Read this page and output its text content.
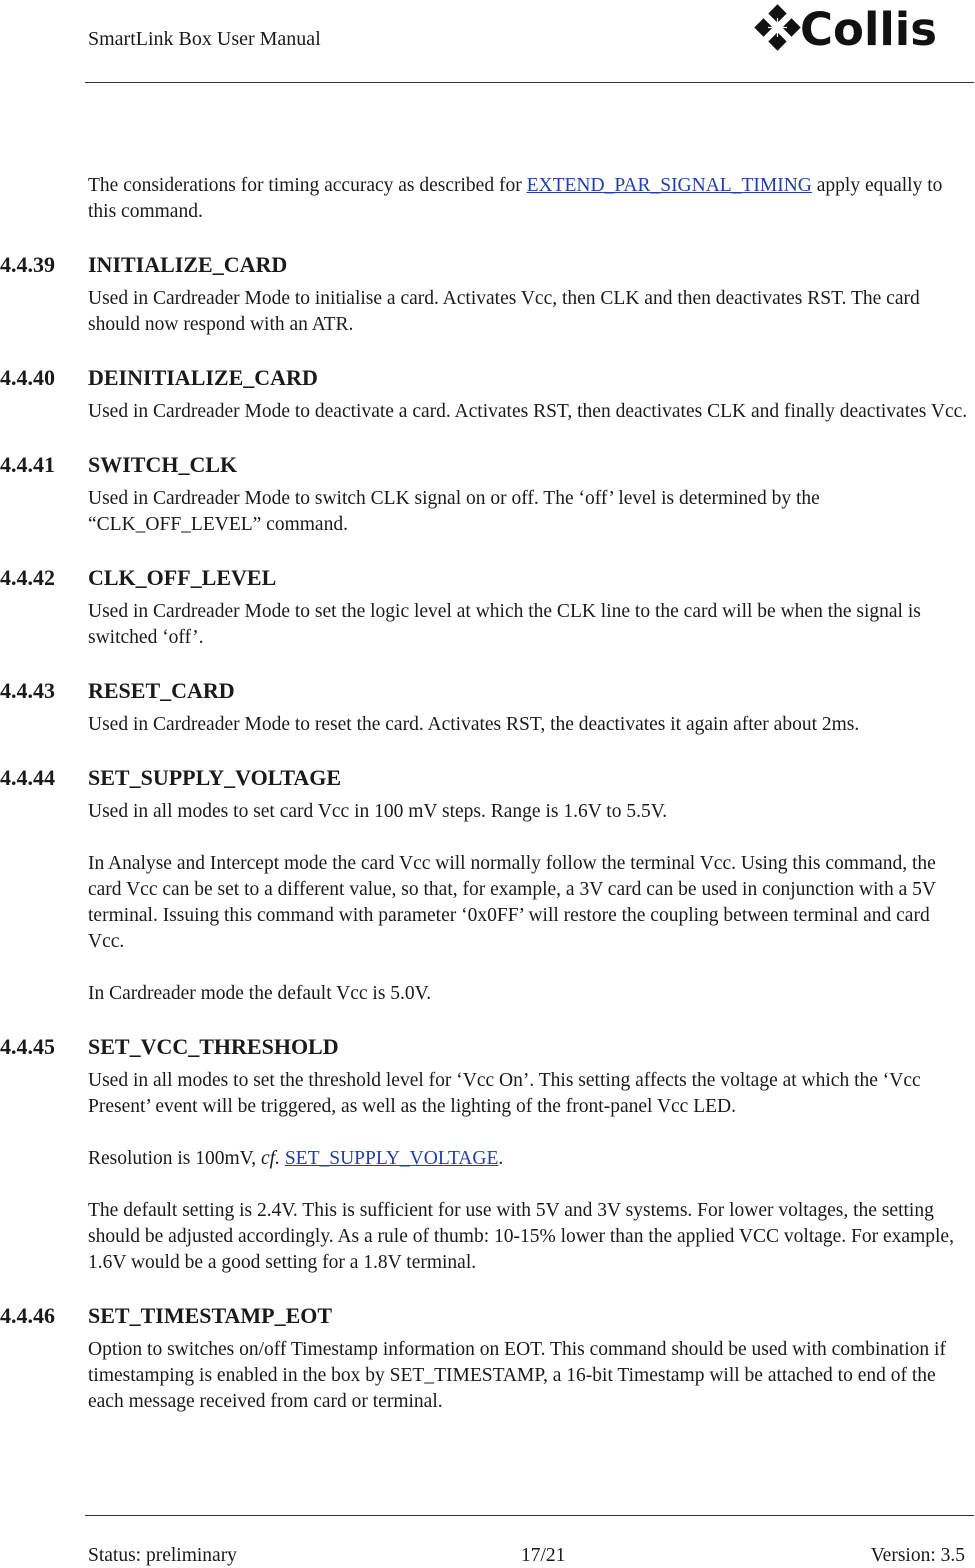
SmartLink Box User Manual	Collis

The considerations for timing accuracy as described for EXTEND_PAR_SIGNAL_TIMING apply equally to this command.

4.4.39 INITIALIZE_CARD

Used in Cardreader Mode to initialise a card. Activates Vcc, then CLK and then deactivates RST. The card should now respond with an ATR.

4.4.40 DEINITIALIZE_CARD

Used in Cardreader Mode to deactivate a card. Activates RST, then deactivates CLK and finally deactivates Vcc.

4.4.41 SWITCH_CLK

Used in Cardreader Mode to switch CLK signal on or off. The ‘off’ level is determined by the “CLK_OFF_LEVEL” command.

4.4.42 CLK_OFF_LEVEL

Used in Cardreader Mode to set the logic level at which the CLK line to the card will be when the signal is switched ‘off’.

4.4.43 RESET_CARD

Used in Cardreader Mode to reset the card. Activates RST, the deactivates it again after about 2ms.

4.4.44 SET_SUPPLY_VOLTAGE

Used in all modes to set card Vcc in 100 mV steps. Range is 1.6V to 5.5V.

In Analyse and Intercept mode the card Vcc will normally follow the terminal Vcc. Using this command, the card Vcc can be set to a different value, so that, for example, a 3V card can be used in conjunction with a 5V terminal. Issuing this command with parameter ‘0x0FF’ will restore the coupling between terminal and card Vcc.

In Cardreader mode the default Vcc is 5.0V.

4.4.45 SET_VCC_THRESHOLD

Used in all modes to set the threshold level for ‘Vcc On’. This setting affects the voltage at which the ‘Vcc Present’ event will be triggered, as well as the lighting of the front-panel Vcc LED.

Resolution is 100mV, cf. SET_SUPPLY_VOLTAGE.

The default setting is 2.4V. This is sufficient for use with 5V and 3V systems. For lower voltages, the setting should be adjusted accordingly. As a rule of thumb: 10-15% lower than the applied VCC voltage. For example, 1.6V would be a good setting for a 1.8V terminal.

4.4.46 SET_TIMESTAMP_EOT

Option to switches on/off Timestamp information on EOT. This command should be used with combination if timestamping is enabled in the box by SET_TIMESTAMP, a 16-bit Timestamp will be attached to end of the each message received from card or terminal.

Status: preliminary	17/21	Version: 3.5
